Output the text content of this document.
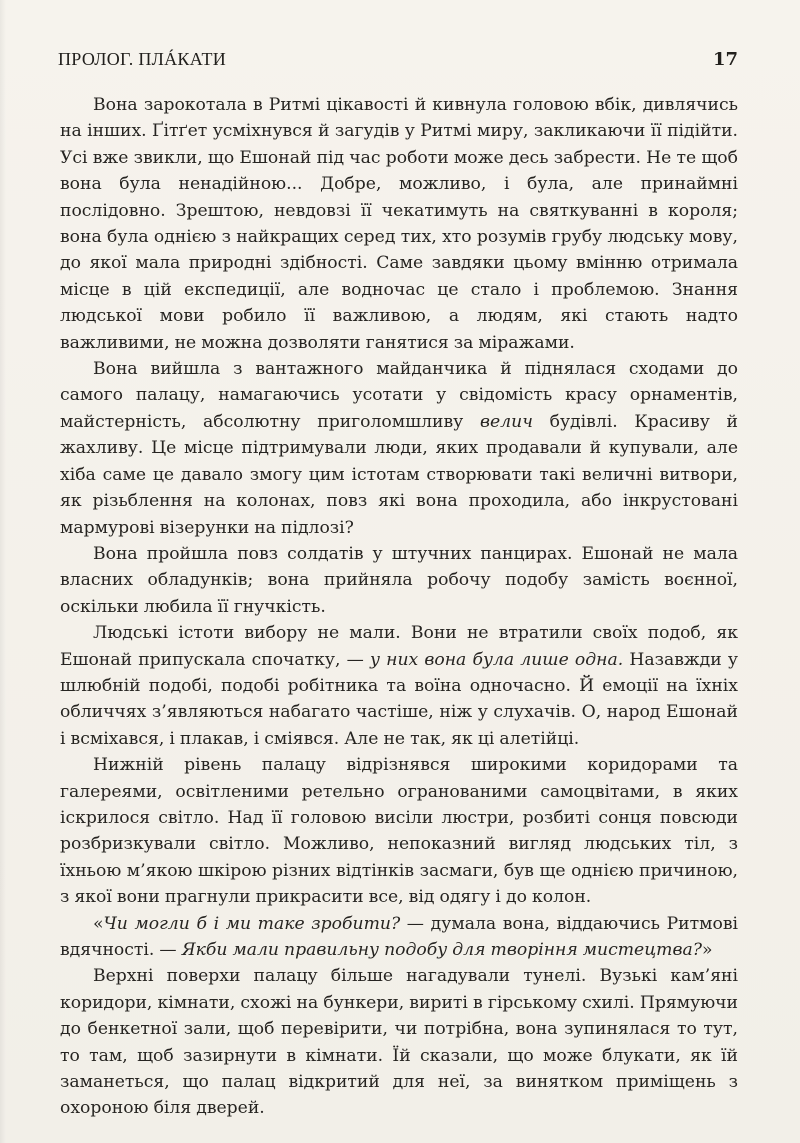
ПРОЛОГ. ПЛÁКАТИ	17

Вона зарокотала в Ритмі цікавості й кивнула головою вбік, дивлячись на інших. Ґітґет усміхнувся й загудів у Ритмі миру, закликаючи її підійти. Усі вже звикли, що Ешонай під час роботи може десь забрести. Не те щоб вона була ненадійною... Добре, можливо, і була, але принаймні послідовно. Зрештою, невдовзі її чекатимуть на святкуванні в короля; вона була однією з найкращих серед тих, хто розумів грубу людську мову, до якої мала природні здібності. Саме завдяки цьому вмінню отримала місце в цій експедиції, але водночас це стало і проблемою. Знання людської мови робило її важливою, а людям, які стають надто важливими, не можна дозволяти ганятися за міражами.

Вона вийшла з вантажного майданчика й піднялася сходами до самого палацу, намагаючись усотати у свідомість красу орнаментів, майстерність, абсолютну приголомшливу велич будівлі. Красиву й жахливу. Це місце підтримували люди, яких продавали й купували, але хіба саме це давало змогу цим істотам створювати такі величні витвори, як різьблення на колонах, повз які вона проходила, або інкрустовані мармурові візерунки на підлозі?

Вона пройшла повз солдатів у штучних панцирах. Ешонай не мала власних обладунків; вона прийняла робочу подобу замість воєнної, оскільки любила її гнучкість.

Людські істоти вибору не мали. Вони не втратили своїх подоб, як Ешонай припускала спочатку, — у них вона була лише одна. Назавжди у шлюбній подобі, подобі робітника та воїна одночасно. Й емоції на їхніх обличчях з’являються набагато частіше, ніж у слухачів. О, народ Ешонай і всміхався, і плакав, і сміявся. Але не так, як ці алетійці.

Нижній рівень палацу відрізнявся широкими коридорами та галереями, освітленими ретельно огранованими самоцвітами, в яких іскрилося світло. Над її головою висіли люстри, розбиті сонця повсюди розбризкували світло. Можливо, непоказний вигляд людських тіл, з їхньою м’якою шкірою різних відтінків засмаги, був ще однією причиною, з якої вони прагнули прикрасити все, від одягу і до колон.

«Чи могли б і ми таке зробити? — думала вона, віддаючись Ритмові вдячності. — Якби мали правильну подобу для творіння мистецтва?»

Верхні поверхи палацу більше нагадували тунелі. Вузькі кам’яні коридори, кімнати, схожі на бункери, вириті в гірському схилі. Прямуючи до бенкетної зали, щоб перевірити, чи потрібна, вона зупинялася то тут, то там, щоб зазирнути в кімнати. Їй сказали, що може блукати, як їй заманеться, що палац відкритий для неї, за винятком приміщень з охороною біля дверей.
